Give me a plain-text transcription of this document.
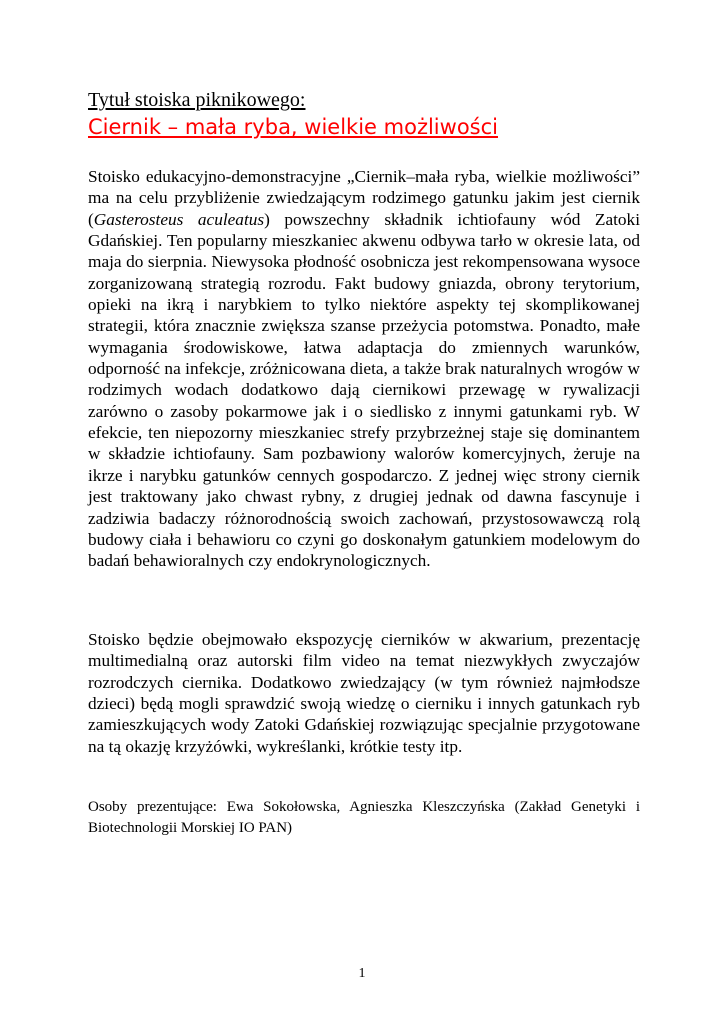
Tytuł stoiska piknikowego:
Ciernik – mała ryba, wielkie możliwości

Stoisko edukacyjno-demonstracyjne „Ciernik–mała ryba, wielkie możliwości” ma na celu przybliżenie zwiedzającym rodzimego gatunku jakim jest ciernik (Gasterosteus aculeatus) powszechny składnik ichtiofauny wód Zatoki Gdańskiej. Ten popularny mieszkaniec akwenu odbywa tarło w okresie lata, od maja do sierpnia. Niewysoka płodność osobnicza jest rekompensowana wysoce zorganizowaną strategią rozrodu. Fakt budowy gniazda, obrony terytorium, opieki na ikrą i narybkiem to tylko niektóre aspekty tej skomplikowanej strategii, która znacznie zwiększa szanse przeżycia potomstwa. Ponadto, małe wymagania środowiskowe, łatwa adaptacja do zmiennych warunków, odporność na infekcje, zróżnicowana dieta, a także brak naturalnych wrogów w rodzimych wodach dodatkowo dają ciernikowi przewagę w rywalizacji zarówno o zasoby pokarmowe jak i o siedlisko z innymi gatunkami ryb. W efekcie, ten niepozorny mieszkaniec strefy przybrzeżnej staje się dominantem w składzie ichtiofauny. Sam pozbawiony walorów komercyjnych, żeruje na ikrze i narybku gatunków cennych gospodarczo. Z jednej więc strony ciernik jest traktowany jako chwast rybny, z drugiej jednak od dawna fascynuje i zadziwia badaczy różnorodnością swoich zachowań, przystosowawczą rolą budowy ciała i behawioru co czyni go doskonałym gatunkiem modelowym do badań behawioralnych czy endokrynologicznych.

Stoisko będzie obejmowało ekspozycję cierników w akwarium, prezentację multimedialną oraz autorski film video na temat niezwykłych zwyczajów rozrodczych ciernika. Dodatkowo zwiedzający (w tym również najmłodsze dzieci) będą mogli sprawdzić swoją wiedzę o cierniku i innych gatunkach ryb zamieszkujących wody Zatoki Gdańskiej rozwiązując specjalnie przygotowane na tą okazję krzyżówki, wykreślanki, krótkie testy itp.

Osoby prezentujące: Ewa Sokołowska, Agnieszka Kleszczyńska (Zakład Genetyki i Biotechnologii Morskiej IO PAN)

1
